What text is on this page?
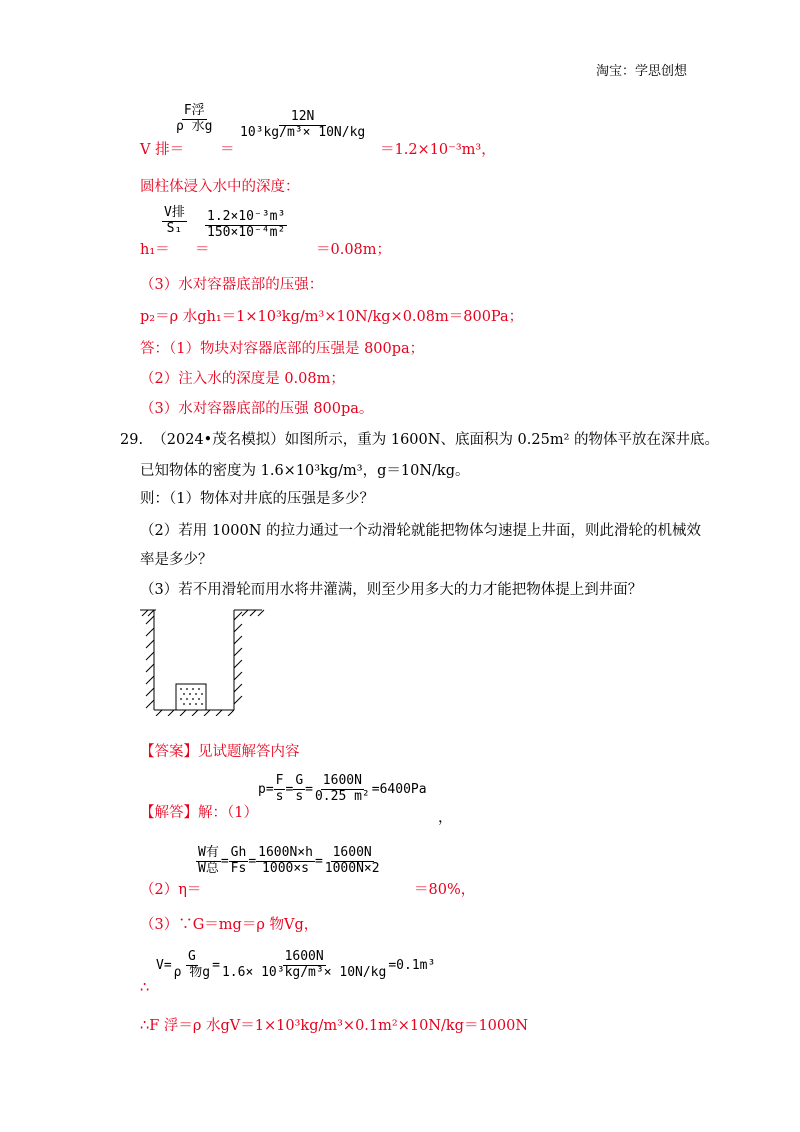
淘宝：学思创想
V 排＝
$\frac{\text{F浮}}{\text{ρ 水g}}$
＝
$\frac{12N}{\text{10³kg/m³× 10N/kg}}$
＝1.2×10⁻³m³，
圆柱体浸入水中的深度：
h₁＝
$\frac{\text{V排}}{\text{S₁}}$
＝
$\frac{\text{1.2×10⁻³m³}}{\text{150×10⁻⁴m²}}$
＝0.08m；
（3）水对容器底部的压强：
p₂＝ρ 水gh₁＝1×10³kg/m³×10N/kg×0.08m＝800Pa；
答：（1）物块对容器底部的压强是 800pa；
（2）注入水的深度是 0.08m；
（3）水对容器底部的压强 800pa。
29. （2024•茂名模拟）如图所示，重为 1600N、底面积为 0.25m² 的物体平放在深井底。
已知物体的密度为 1.6×10³kg/m³，g＝10N/kg。
则：（1）物体对井底的压强是多少？
（2）若用 1000N 的拉力通过一个动滑轮就能把物体匀速提上井面，则此滑轮的机械效
率是多少？
（3）若不用滑轮而用水将井灌满，则至少用多大的力才能把物体提上到井面？
【答案】见试题解答内容
【解答】解：（1）
$p= \frac{F}{s} = \frac{G}{s} = \frac{1600N}{\text{0.25 m²}} =6400Pa$
，
（2）η＝
$\frac{\text{W有}}{\text{W总}} = \frac{Gh}{Fs} = \frac{1600N\times h}{1000\times s} = \frac{1600N}{1000N\times 2}$
＝80%，
（3）∵G＝mg＝ρ 物Vg，
$V= \frac{G}{\text{ρ 物g}} = \frac{1600N}{\text{1.6× 10³kg/m³× 10N/kg}} =0.1m^3$
∴
∴F 浮＝ρ 水gV＝1×10³kg/m³×0.1m²×10N/kg＝1000N
